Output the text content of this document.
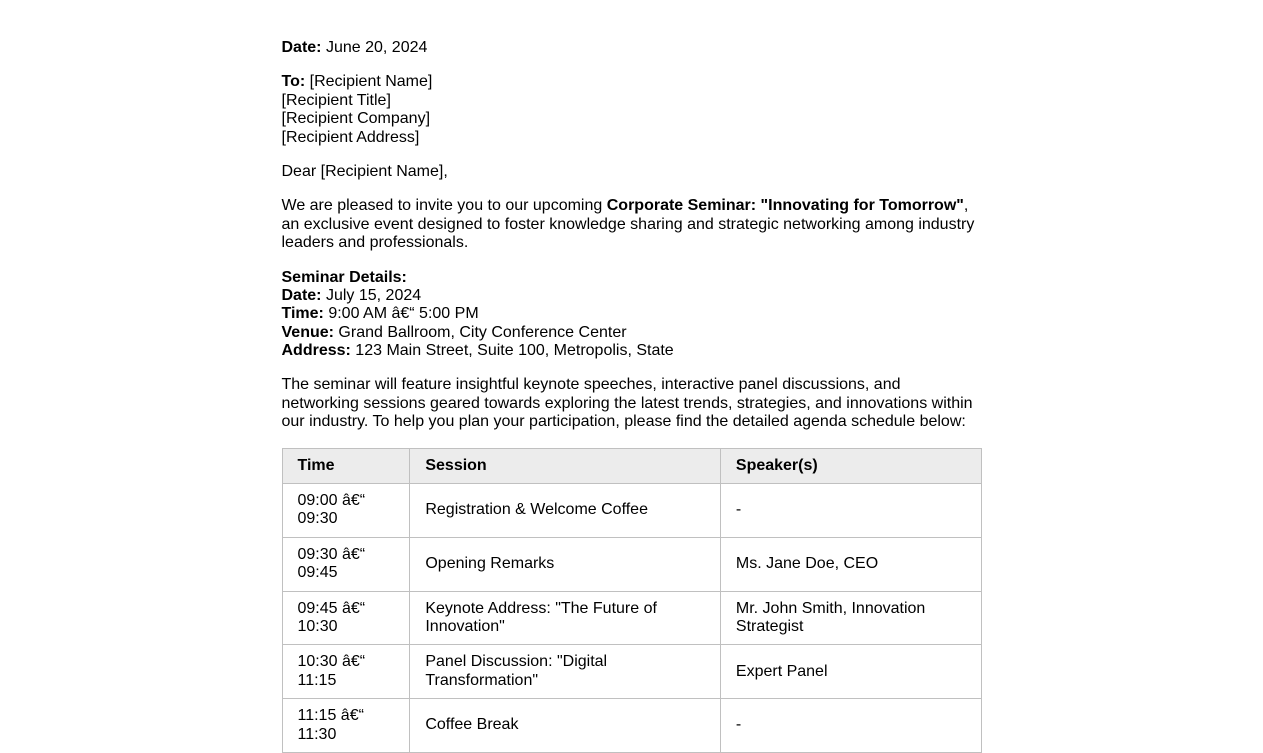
Date: June 20, 2024

To: [Recipient Name]
[Recipient Title]
[Recipient Company]
[Recipient Address]

Dear [Recipient Name],

We are pleased to invite you to our upcoming Corporate Seminar: "Innovating for Tomorrow", an exclusive event designed to foster knowledge sharing and strategic networking among industry leaders and professionals.

Seminar Details:
Date: July 15, 2024
Time: 9:00 AM â€“ 5:00 PM
Venue: Grand Ballroom, City Conference Center
Address: 123 Main Street, Suite 100, Metropolis, State

The seminar will feature insightful keynote speeches, interactive panel discussions, and networking sessions geared towards exploring the latest trends, strategies, and innovations within our industry. To help you plan your participation, please find the detailed agenda schedule below:

Time	Session	Speaker(s)
09:00 â€“ 09:30	Registration & Welcome Coffee	-
09:30 â€“ 09:45	Opening Remarks	Ms. Jane Doe, CEO
09:45 â€“ 10:30	Keynote Address: "The Future of Innovation"	Mr. John Smith, Innovation Strategist
10:30 â€“ 11:15	Panel Discussion: "Digital Transformation"	Expert Panel
11:15 â€“ 11:30	Coffee Break	-
